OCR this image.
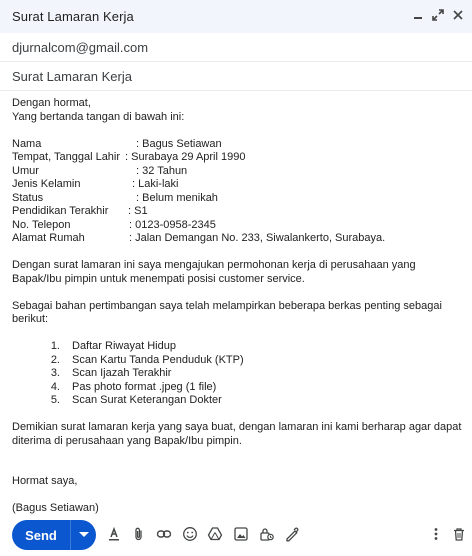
Surat Lamaran Kerja
djurnalcom@gmail.com
Surat Lamaran Kerja
Dengan hormat,
Yang bertanda tangan di bawah ini:
Nama	: Bagus Setiawan
Tempat, Tanggal Lahir : Surabaya 29 April 1990
Umur	: 32 Tahun
Jenis Kelamin	: Laki-laki
Status	: Belum menikah
Pendidikan Terakhir : S1
No. Telepon	: 0123-0958-2345
Alamat Rumah	: Jalan Demangan No. 233, Siwalankerto, Surabaya.
Dengan surat lamaran ini saya mengajukan permohonan kerja di perusahaan yang Bapak/Ibu pimpin untuk menempati posisi customer service.
Sebagai bahan pertimbangan saya telah melampirkan beberapa berkas penting sebagai berikut:
1.	Daftar Riwayat Hidup
2.	Scan Kartu Tanda Penduduk (KTP)
3.	Scan Ijazah Terakhir
4.	Pas photo format .jpeg (1 file)
5.	Scan Surat Keterangan Dokter
Demikian surat lamaran kerja yang saya buat, dengan lamaran ini kami berharap agar dapat diterima di perusahaan yang Bapak/Ibu pimpin.
Hormat saya,
(Bagus Setiawan)
Send
